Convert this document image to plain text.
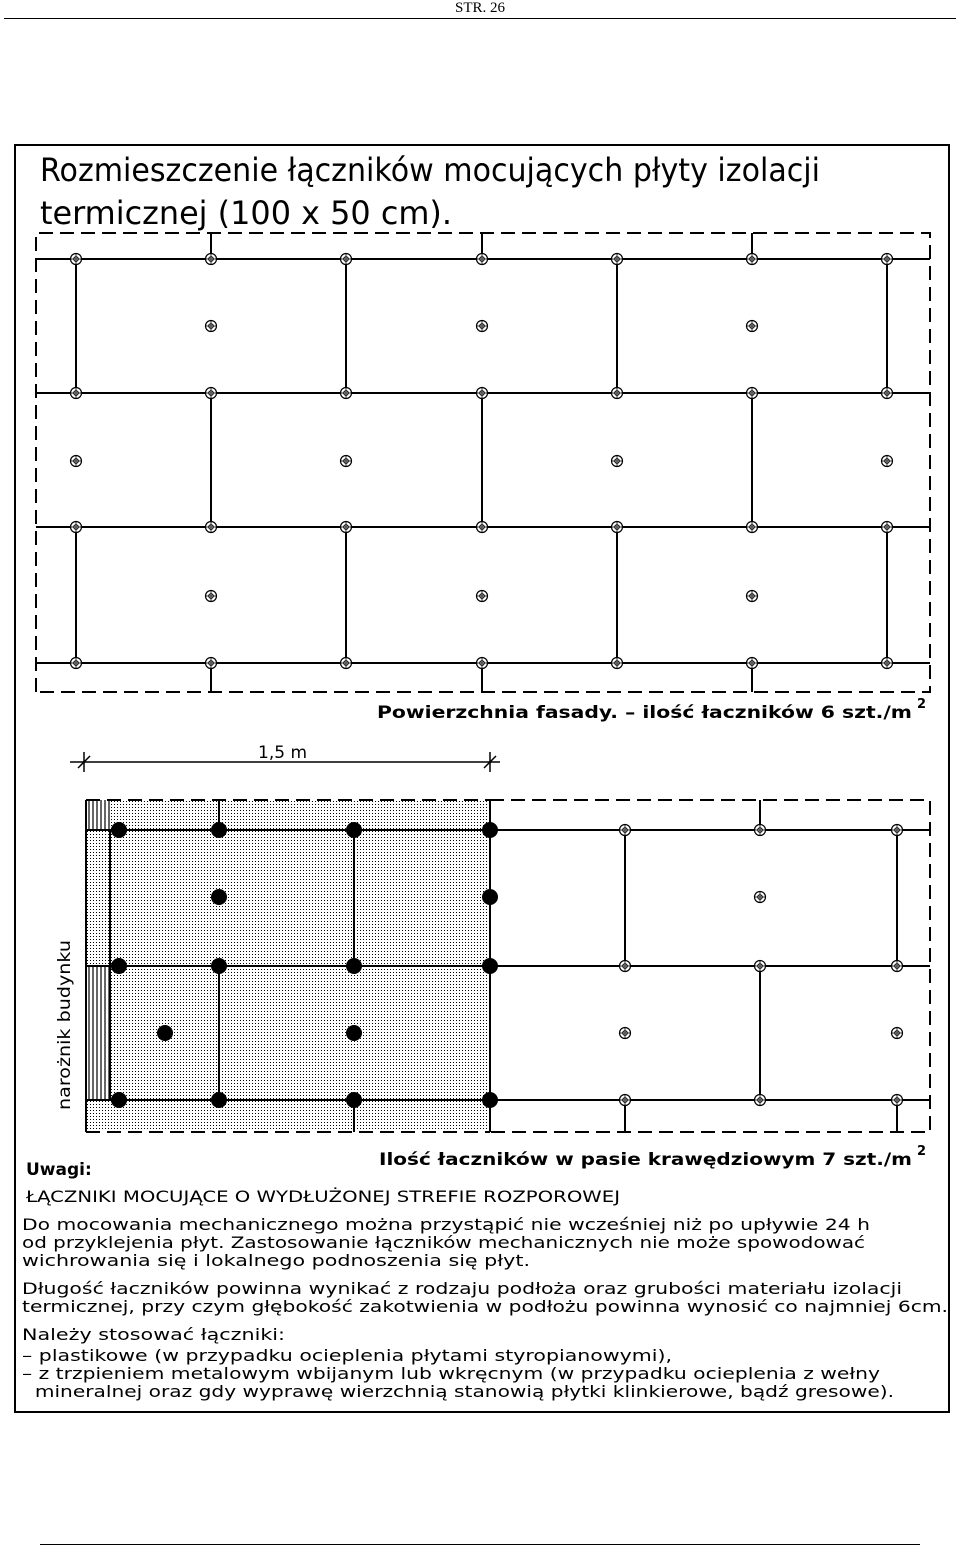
STR. 26
Rozmieszczenie łączników mocujących płyty izolacji
termicznej (100 x 50 cm).
Powierzchnia fasady. – ilość łaczników 6 szt./m 2
1,5 m
narożnik budynku
Ilość łaczników w pasie krawędziowym 7 szt./m 2
Uwagi:
ŁĄCZNIKI MOCUJĄCE O WYDŁUŻONEJ STREFIE ROZPOROWEJ
Do mocowania mechanicznego można przystąpić nie wcześniej niż po upływie 24 h
od przyklejenia płyt. Zastosowanie łączników mechanicznych nie może spowodować
wichrowania się i lokalnego podnoszenia się płyt.
Długość łaczników powinna wynikać z rodzaju podłoża oraz grubości materiału izolacji
termicznej, przy czym głębokość zakotwienia w podłożu powinna wynosić co najmniej 6cm.
Należy stosować łączniki:
– plastikowe (w przypadku ocieplenia płytami styropianowymi),
– z trzpieniem metalowym wbijanym lub wkręcnym (w przypadku ocieplenia z wełny
mineralnej oraz gdy wyprawę wierzchnią stanowią płytki klinkierowe, bądź gresowe).
